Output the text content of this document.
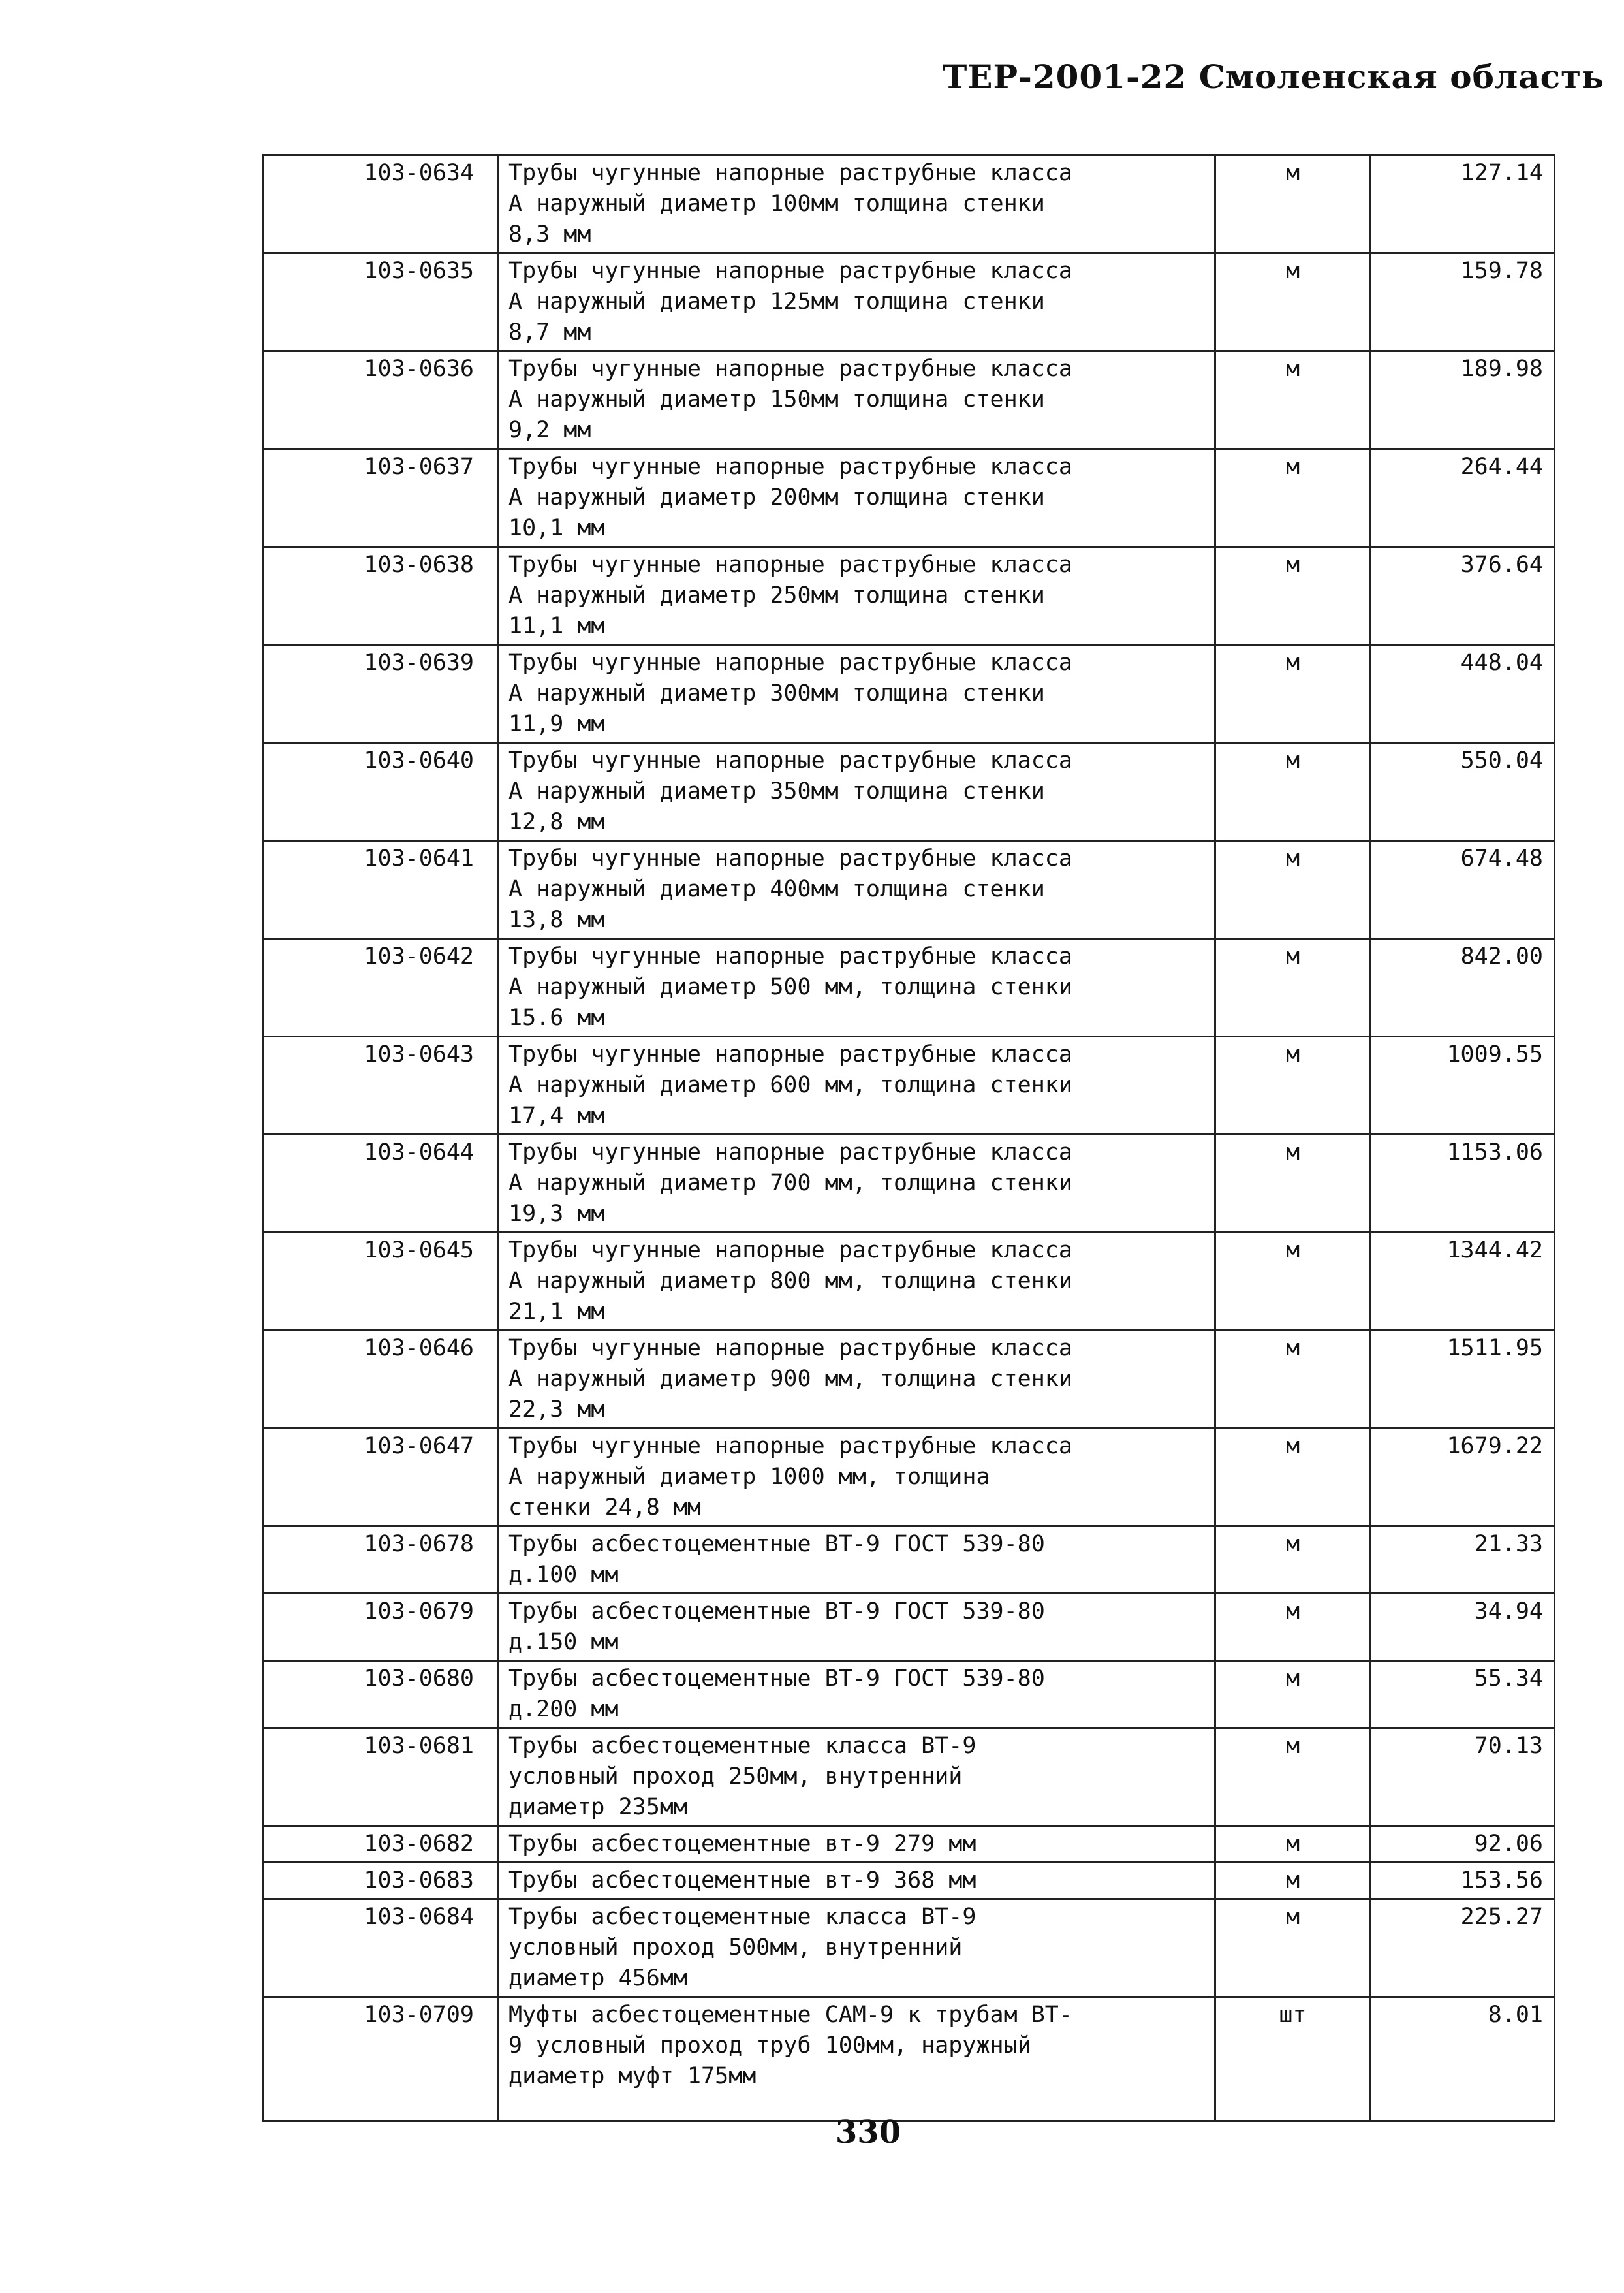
ТЕР-2001-22 Смоленская область
103-0634	Трубы чугунные напорные раструбные класса
А наружный диаметр 100мм толщина стенки
8,3 мм	м	127.14
103-0635	Трубы чугунные напорные раструбные класса
А наружный диаметр 125мм толщина стенки
8,7 мм	м	159.78
103-0636	Трубы чугунные напорные раструбные класса
А наружный диаметр 150мм толщина стенки
9,2 мм	м	189.98
103-0637	Трубы чугунные напорные раструбные класса
А наружный диаметр 200мм толщина стенки
10,1 мм	м	264.44
103-0638	Трубы чугунные напорные раструбные класса
А наружный диаметр 250мм толщина стенки
11,1 мм	м	376.64
103-0639	Трубы чугунные напорные раструбные класса
А наружный диаметр 300мм толщина стенки
11,9 мм	м	448.04
103-0640	Трубы чугунные напорные раструбные класса
А наружный диаметр 350мм толщина стенки
12,8 мм	м	550.04
103-0641	Трубы чугунные напорные раструбные класса
А наружный диаметр 400мм толщина стенки
13,8 мм	м	674.48
103-0642	Трубы чугунные напорные раструбные класса
А наружный диаметр 500 мм, толщина стенки
15.6 мм	м	842.00
103-0643	Трубы чугунные напорные раструбные класса
А наружный диаметр 600 мм, толщина стенки
17,4 мм	м	1009.55
103-0644	Трубы чугунные напорные раструбные класса
А наружный диаметр 700 мм, толщина стенки
19,3 мм	м	1153.06
103-0645	Трубы чугунные напорные раструбные класса
А наружный диаметр 800 мм, толщина стенки
21,1 мм	м	1344.42
103-0646	Трубы чугунные напорные раструбные класса
А наружный диаметр 900 мм, толщина стенки
22,3 мм	м	1511.95
103-0647	Трубы чугунные напорные раструбные класса
А наружный диаметр 1000 мм, толщина
стенки 24,8 мм	м	1679.22
103-0678	Трубы асбестоцементные ВТ-9 ГОСТ 539-80
д.100 мм	м	21.33
103-0679	Трубы асбестоцементные ВТ-9 ГОСТ 539-80
д.150 мм	м	34.94
103-0680	Трубы асбестоцементные ВТ-9 ГОСТ 539-80
д.200 мм	м	55.34
103-0681	Трубы асбестоцементные класса ВТ-9
условный проход 250мм, внутренний
диаметр 235мм	м	70.13
103-0682	Трубы асбестоцементные вт-9 279 мм	м	92.06
103-0683	Трубы асбестоцементные вт-9 368 мм	м	153.56
103-0684	Трубы асбестоцементные класса ВТ-9
условный проход 500мм, внутренний
диаметр 456мм	м	225.27
103-0709	Муфты асбестоцементные САМ-9 к трубам ВТ-
9 условный проход труб 100мм, наружный
диаметр муфт 175мм	шт	8.01
330
